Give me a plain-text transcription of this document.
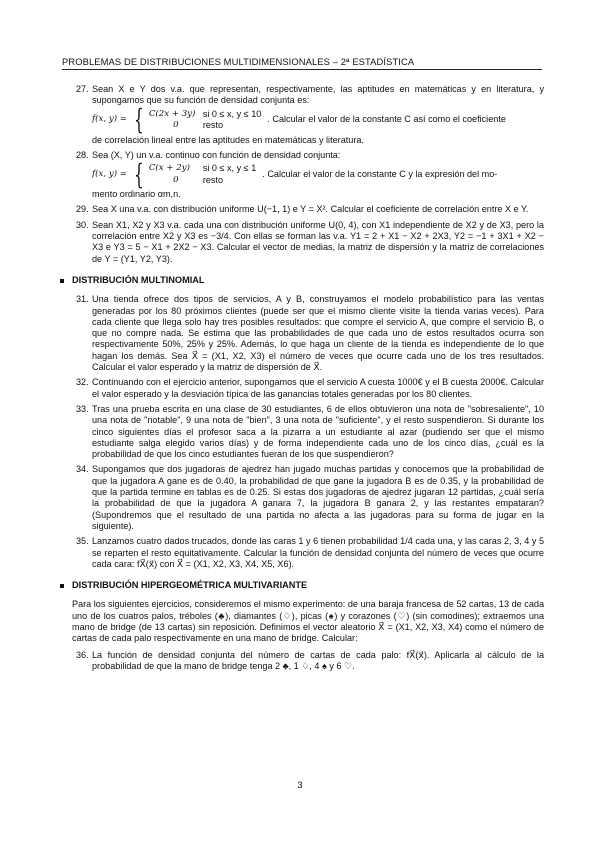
PROBLEMAS DE DISTRIBUCIONES MULTIDIMENSIONALES – 2ª ESTADÍSTICA
27. Sean X e Y dos v.a. que representan, respectivamente, las aptitudes en matemáticas y en literatura, y supongamos que su función de densidad conjunta es:
f(x, y) = { C(2x + 3y) si 0 ≤ x, y ≤ 10
0	resto
. Calcular el valor de la constante C así como el coeficiente
de correlación lineal entre las aptitudes en matemáticas y literatura.
28. Sea (X, Y) un v.a. continuo con función de densidad conjunta:
f(x, y) = { C(x + 2y)	si 0 ≤ x, y ≤ 1
0	resto
. Calcular el valor de la constante C y la expresión del mo-
mento ordinario αm,n.
29. Sea X una v.a. con distribución uniforme U(−1, 1) e Y = X². Calcular el coeficiente de correlación entre X e Y.
30. Sean X1, X2 y X3 v.a. cada una con distribución uniforme U(0, 4), con X1 independiente de X2 y de X3, pero la correlación entre X2 y X3 es −3/4. Con ellas se forman las v.a. Y1 = 2 + X1 − X2 + 2X3, Y2 = −1 + 3X1 + X2 − X3 e Y3 = 5 − X1 + 2X2 − X3. Calcular el vector de medias, la matriz de dispersión y la matriz de correlaciones de Y = (Y1, Y2, Y3).
DISTRIBUCIÓN MULTINOMIAL
31. Una tienda ofrece dos tipos de servicios, A y B, construyamos el modelo probabilístico para las ventas generadas por los 80 próximos clientes (puede ser que el mismo cliente visite la tienda varias veces). Para cada cliente que llega solo hay tres posibles resultados: que compre el servicio A, que compre el servicio B, o que no compre nada. Se estima que las probabilidades de que cada uno de estos resultados ocurra son respectivamente 50%, 25% y 25%. Además, lo que haga un cliente de la tienda es independiente de lo que hagan los demás. Sea X⃗ = (X1, X2, X3) el número de veces que ocurre cada uno de los tres resultados. Calcular el valor esperado y la matriz de dispersión de X⃗.
32. Continuando con el ejercicio anterior, supongamos que el servicio A cuesta 1000€ y el B cuesta 2000€. Calcular el valor esperado y la desviación típica de las ganancias totales generadas por los 80 clientes.
33. Tras una prueba escrita en una clase de 30 estudiantes, 6 de ellos obtuvieron una nota de "sobresaliente", 10 una nota de "notable", 9 una nota de "bien", 3 una nota de "suficiente", y el resto suspendieron. Si durante los cinco siguientes días el profesor saca a la pizarra a un estudiante al azar (pudiendo ser que el mismo estudiante salga elegido varios días) y de forma independiente cada uno de los cinco días, ¿cuál es la probabilidad de que los cinco estudiantes fueran de los que suspendieron?
34. Supongamos que dos jugadoras de ajedrez han jugado muchas partidas y conocemos que la probabilidad de que la jugadora A gane es de 0.40, la probabilidad de que gane la jugadora B es de 0.35, y la probabilidad de que la partida termine en tablas es de 0.25. Si estas dos jugadoras de ajedrez jugaran 12 partidas, ¿cuál sería la probabilidad de que la jugadora A ganara 7, la jugadora B ganara 2, y las restantes empataran? (Supondremos que el resultado de una partida no afecta a las jugadoras para su forma de jugar en la siguiente).
35. Lanzamos cuatro dados trucados, donde las caras 1 y 6 tienen probabilidad 1/4 cada una, y las caras 2, 3, 4 y 5 se reparten el resto equitativamente. Calcular la función de densidad conjunta del número de veces que ocurre cada cara: fX⃗(x⃗) con X⃗ = (X1, X2, X3, X4, X5, X6).
DISTRIBUCIÓN HIPERGEOMÉTRICA MULTIVARIANTE
Para los siguientes ejercicios, consideremos el mismo experimento: de una baraja francesa de 52 cartas, 13 de cada uno de los cuatros palos, tréboles (♣), diamantes (♢), picas (♠) y corazones (♡) (sin comodines); extraemos una mano de bridge (de 13 cartas) sin reposición. Definimos el vector aleatorio X⃗ = (X1, X2, X3, X4) como el número de cartas de cada palo respectivamente en una mano de bridge. Calcular:
36. La función de densidad conjunta del número de cartas de cada palo: fX⃗(x⃗). Aplicarla al cálculo de la probabilidad de que la mano de bridge tenga 2 ♣, 1 ♢, 4 ♠ y 6 ♡.
3
